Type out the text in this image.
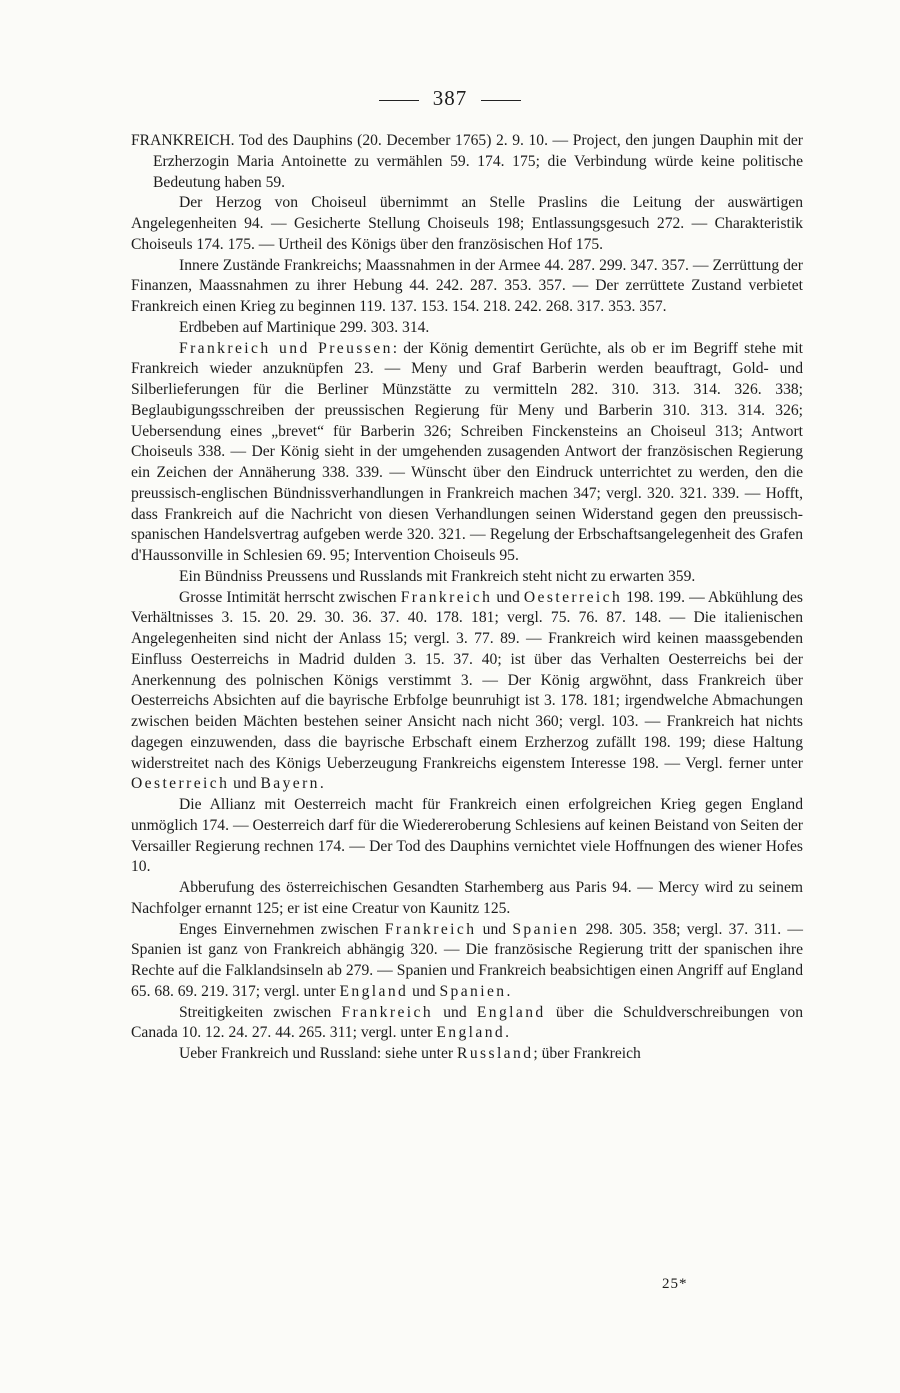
387

FRANKREICH. Tod des Dauphins (20. December 1765) 2. 9. 10. — Project, den jungen Dauphin mit der Erzherzogin Maria Antoinette zu vermählen 59. 174. 175; die Verbindung würde keine politische Bedeutung haben 59.

Der Herzog von Choiseul übernimmt an Stelle Praslins die Leitung der auswärtigen Angelegenheiten 94. — Gesicherte Stellung Choiseuls 198; Entlassungsgesuch 272. — Charakteristik Choiseuls 174. 175. — Urtheil des Königs über den französischen Hof 175.

Innere Zustände Frankreichs; Maassnahmen in der Armee 44. 287. 299. 347. 357. — Zerrüttung der Finanzen, Maassnahmen zu ihrer Hebung 44. 242. 287. 353. 357. — Der zerrüttete Zustand verbietet Frankreich einen Krieg zu beginnen 119. 137. 153. 154. 218. 242. 268. 317. 353. 357.

Erdbeben auf Martinique 299. 303. 314.

Frankreich und Preussen: der König dementirt Gerüchte, als ob er im Begriff stehe mit Frankreich wieder anzuknüpfen 23. — Meny und Graf Barberin werden beauftragt, Gold- und Silberlieferungen für die Berliner Münzstätte zu vermitteln 282. 310. 313. 314. 326. 338; Beglaubigungsschreiben der preussischen Regierung für Meny und Barberin 310. 313. 314. 326; Uebersendung eines „brevet“ für Barberin 326; Schreiben Finckensteins an Choiseul 313; Antwort Choiseuls 338. — Der König sieht in der umgehenden zusagenden Antwort der französischen Regierung ein Zeichen der Annäherung 338. 339. — Wünscht über den Eindruck unterrichtet zu werden, den die preussisch-englischen Bündnissverhandlungen in Frankreich machen 347; vergl. 320. 321. 339. — Hofft, dass Frankreich auf die Nachricht von diesen Verhandlungen seinen Widerstand gegen den preussisch-spanischen Handelsvertrag aufgeben werde 320. 321. — Regelung der Erbschaftsangelegenheit des Grafen d'Haussonville in Schlesien 69. 95; Intervention Choiseuls 95.

Ein Bündniss Preussens und Russlands mit Frankreich steht nicht zu erwarten 359.

Grosse Intimität herrscht zwischen Frankreich und Oesterreich 198. 199. — Abkühlung des Verhältnisses 3. 15. 20. 29. 30. 36. 37. 40. 178. 181; vergl. 75. 76. 87. 148. — Die italienischen Angelegenheiten sind nicht der Anlass 15; vergl. 3. 77. 89. — Frankreich wird keinen maassgebenden Einfluss Oesterreichs in Madrid dulden 3. 15. 37. 40; ist über das Verhalten Oesterreichs bei der Anerkennung des polnischen Königs verstimmt 3. — Der König argwöhnt, dass Frankreich über Oesterreichs Absichten auf die bayrische Erbfolge beunruhigt ist 3. 178. 181; irgendwelche Abmachungen zwischen beiden Mächten bestehen seiner Ansicht nach nicht 360; vergl. 103. — Frankreich hat nichts dagegen einzuwenden, dass die bayrische Erbschaft einem Erzherzog zufällt 198. 199; diese Haltung widerstreitet nach des Königs Ueberzeugung Frankreichs eigenstem Interesse 198. — Vergl. ferner unter Oesterreich und Bayern.

Die Allianz mit Oesterreich macht für Frankreich einen erfolgreichen Krieg gegen England unmöglich 174. — Oesterreich darf für die Wiedereroberung Schlesiens auf keinen Beistand von Seiten der Versailler Regierung rechnen 174. — Der Tod des Dauphins vernichtet viele Hoffnungen des wiener Hofes 10.

Abberufung des österreichischen Gesandten Starhemberg aus Paris 94. — Mercy wird zu seinem Nachfolger ernannt 125; er ist eine Creatur von Kaunitz 125.

Enges Einvernehmen zwischen Frankreich und Spanien 298. 305. 358; vergl. 37. 311. — Spanien ist ganz von Frankreich abhängig 320. — Die französische Regierung tritt der spanischen ihre Rechte auf die Falklandsinseln ab 279. — Spanien und Frankreich beabsichtigen einen Angriff auf England 65. 68. 69. 219. 317; vergl. unter England und Spanien.

Streitigkeiten zwischen Frankreich und England über die Schuldverschreibungen von Canada 10. 12. 24. 27. 44. 265. 311; vergl. unter England.

Ueber Frankreich und Russland: siehe unter Russland; über Frankreich

25*
